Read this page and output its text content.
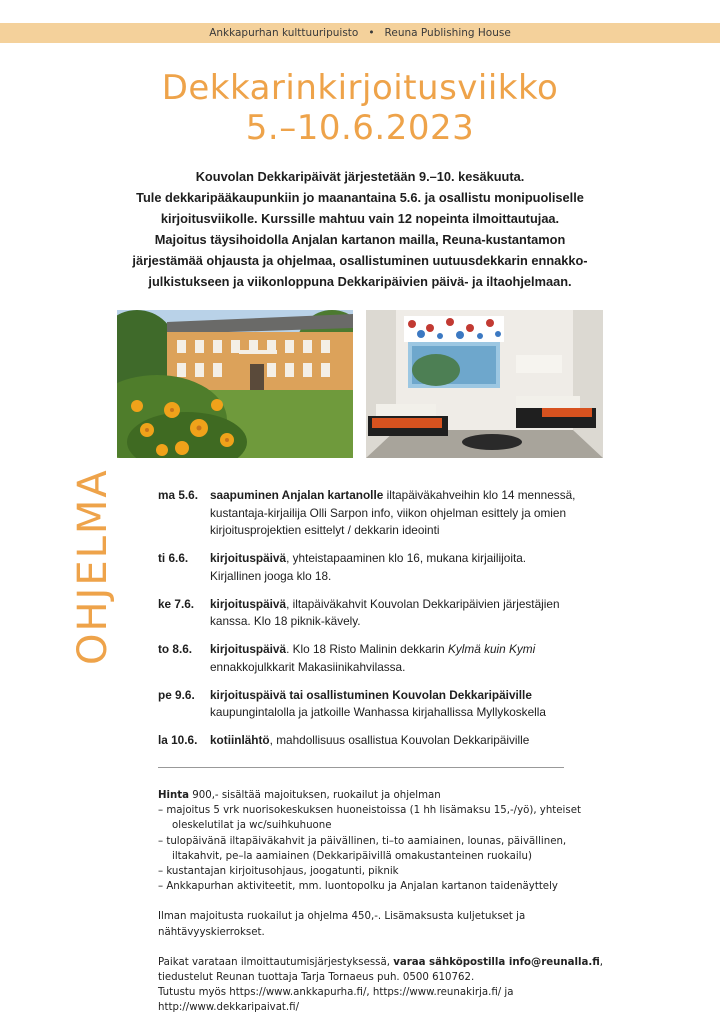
Ankkapurhan kulttuuripuisto • Reuna Publishing House
Dekkarinkirjoitusviikko
5.–10.6.2023
Kouvolan Dekkaripäivät järjestetään 9.–10. kesäkuuta.
Tule dekkaripääkaupunkiin jo maanantaina 5.6. ja osallistu monipuoliselle
kirjoitusviikolle. Kurssille mahtuu vain 12 nopeinta ilmoittautujaa.
Majoitus täysihoidolla Anjalan kartanon mailla, Reuna-kustantamon
järjestämää ohjausta ja ohjelmaa, osallistuminen uutuusdekkarin ennakko-
julkistukseen ja viikonloppuna Dekkaripäivien päivä- ja iltaohjelmaan.
OHJELMA	ma 5.6.	saapuminen Anjalan kartanolle iltapäiväkahveihin klo 14 mennessä, kustantaja-kirjailija Olli Sarpon info, viikon ohjelman esittely ja omien kirjoitusprojektien esittelyt / dekkarin ideointi
ti 6.6.	kirjoituspäivä, yhteistapaaminen klo 16, mukana kirjailijoita. Kirjallinen jooga klo 18.
ke 7.6.	kirjoituspäivä, iltapäiväkahvit Kouvolan Dekkaripäivien järjestäjien kanssa. Klo 18 piknik-kävely.
to 8.6.	kirjoituspäivä. Klo 18 Risto Malinin dekkarin Kylmä kuin Kymi ennakkojulkkarit Makasiinikahvilassa.
pe 9.6.	kirjoituspäivä tai osallistuminen Kouvolan Dekkaripäiville kaupungintalolla ja jatkoille Wanhassa kirjahallissa Myllykoskella
la 10.6.	kotiinlähtö, mahdollisuus osallistua Kouvolan Dekkaripäiville

Hinta 900,- sisältää majoituksen, ruokailut ja ohjelman

– majoitus 5 vrk nuorisokeskuksen huoneistoissa (1 hh lisämaksu 15,-/yö), yhteiset oleskelutilat ja wc/suihkuhuone
– tulopäivänä iltapäiväkahvit ja päivällinen, ti–to aamiainen, lounas, päivällinen, iltakahvit, pe–la aamiainen (Dekkaripäivillä omakustanteinen ruokailu)
– kustantajan kirjoitusohjaus, joogatunti, piknik
– Ankkapurhan aktiviteetit, mm. luontopolku ja Anjalan kartanon taidenäyttely

Ilman majoitusta ruokailut ja ohjelma 450,-. Lisämaksusta kuljetukset ja nähtävyyskierrokset.

Paikat varataan ilmoittautumisjärjestyksessä, varaa sähköpostilla info@reunalla.fi,

tiedustelut Reunan tuottaja Tarja Tornaeus puh. 0500 610762.

Tutustu myös https://www.ankkapurha.fi/, https://www.reunakirja.fi/ ja http://www.dekkaripaivat.fi/
